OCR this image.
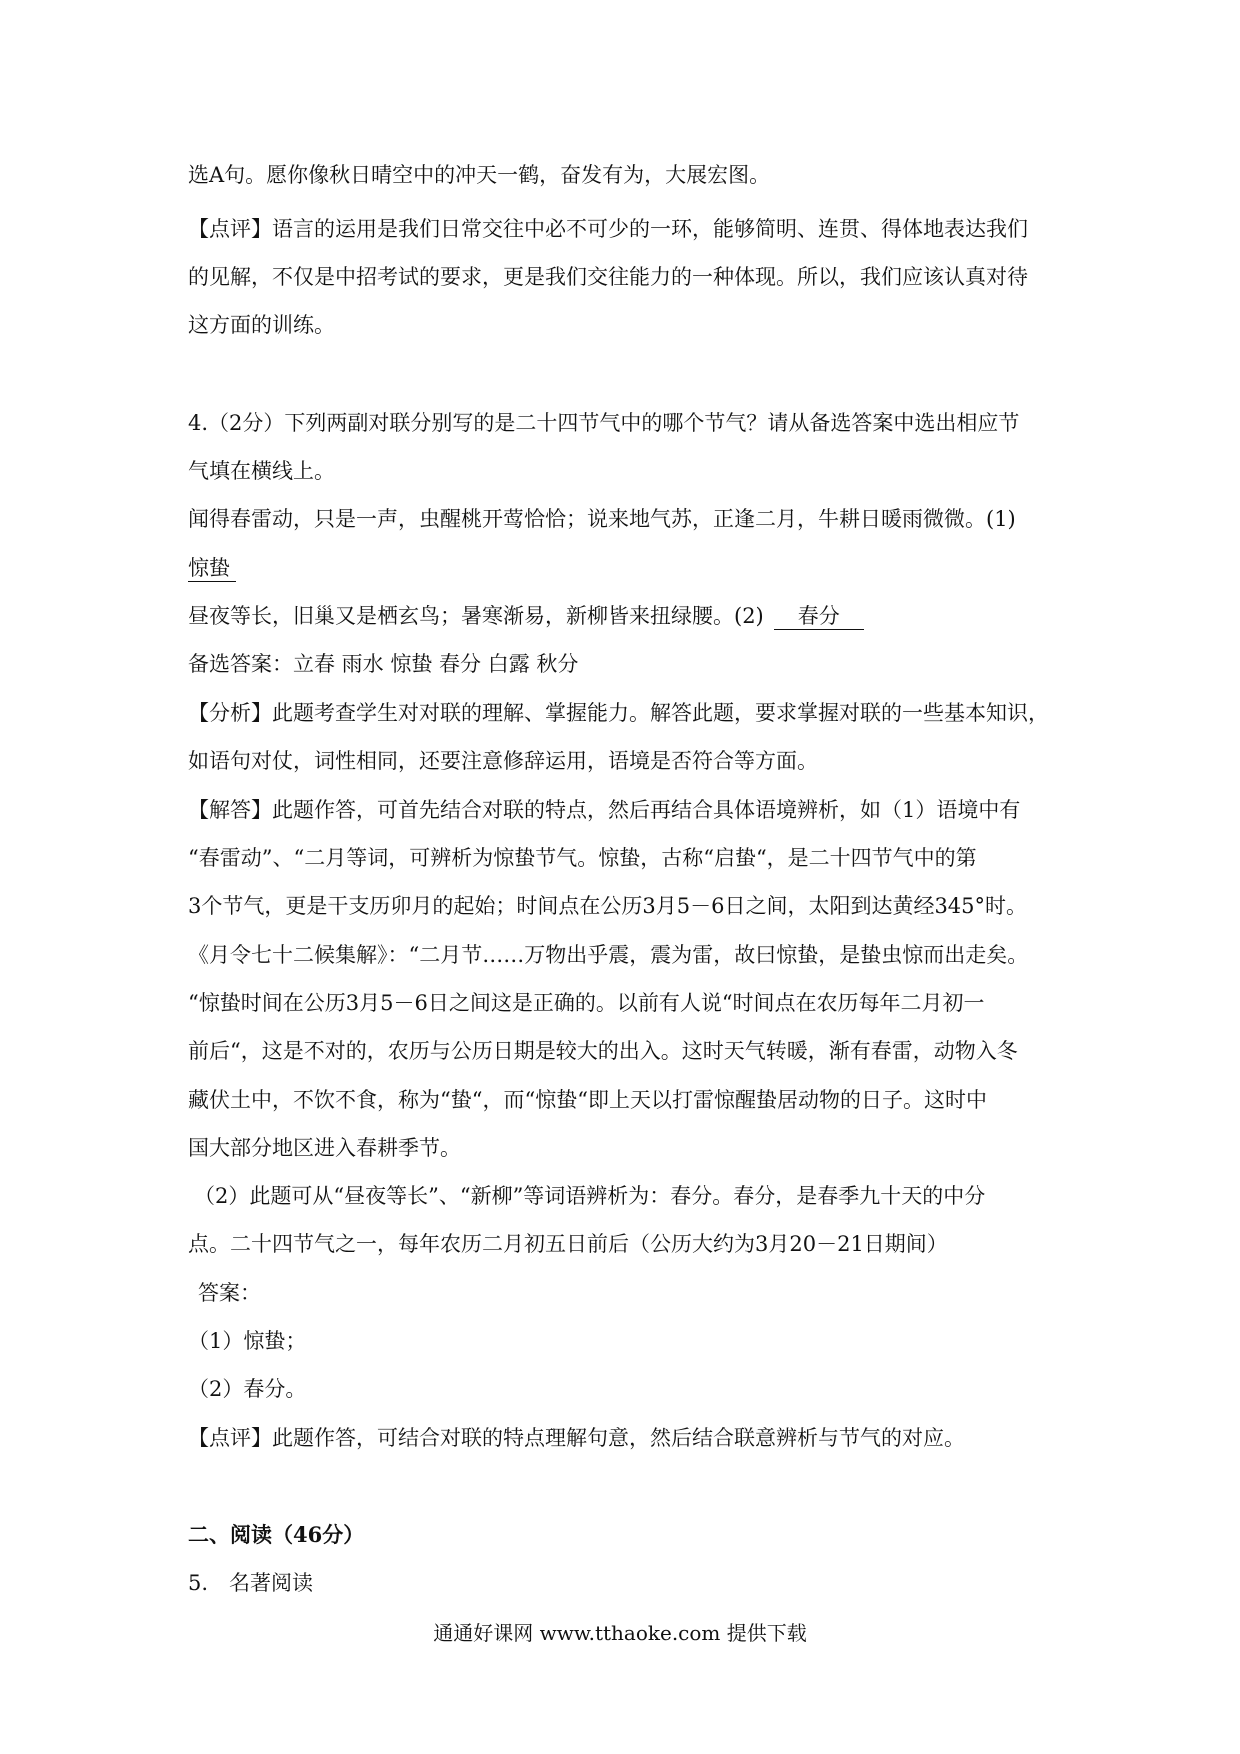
选A句。愿你像秋日晴空中的冲天一鹤，奋发有为，大展宏图。

【点评】语言的运用是我们日常交往中必不可少的一环，能够简明、连贯、得体地表达我们

的见解，不仅是中招考试的要求，更是我们交往能力的一种体现。所以，我们应该认真对待

这方面的训练。

4.（2分）下列两副对联分别写的是二十四节气中的哪个节气？请从备选答案中选出相应节

气填在横线上。

闻得春雷动，只是一声，虫醒桃开莺恰恰；说来地气苏，正逢二月，牛耕日暖雨微微。(1)

惊蛰

昼夜等长，旧巢又是栖玄鸟；暑寒渐易，新柳皆来扭绿腰。(2) 春分

备选答案：立春 雨水 惊蛰 春分 白露 秋分

【分析】此题考查学生对对联的理解、掌握能力。解答此题，要求掌握对联的一些基本知识，

如语句对仗，词性相同，还要注意修辞运用，语境是否符合等方面。

【解答】此题作答，可首先结合对联的特点，然后再结合具体语境辨析，如（1）语境中有

“春雷动”、“二月等词，可辨析为惊蛰节气。惊蛰，古称“启蛰“，是二十四节气中的第

3个节气，更是干支历卯月的起始；时间点在公历3月5－6日之间，太阳到达黄经345°时。

《月令七十二候集解》：“二月节……万物出乎震，震为雷，故曰惊蛰，是蛰虫惊而出走矣。

“惊蛰时间在公历3月5－6日之间这是正确的。以前有人说“时间点在农历每年二月初一

前后“，这是不对的，农历与公历日期是较大的出入。这时天气转暖，渐有春雷，动物入冬

藏伏土中，不饮不食，称为“蛰“，而“惊蛰“即上天以打雷惊醒蛰居动物的日子。这时中

国大部分地区进入春耕季节。

（2）此题可从“昼夜等长”、“新柳”等词语辨析为：春分。春分，是春季九十天的中分

点。二十四节气之一，每年农历二月初五日前后（公历大约为3月20－21日期间）

答案：

（1）惊蛰；

（2）春分。

【点评】此题作答，可结合对联的特点理解句意，然后结合联意辨析与节气的对应。

二、阅读（46分）

5.　名著阅读

通通好课网 www.tthaoke.com 提供下载
